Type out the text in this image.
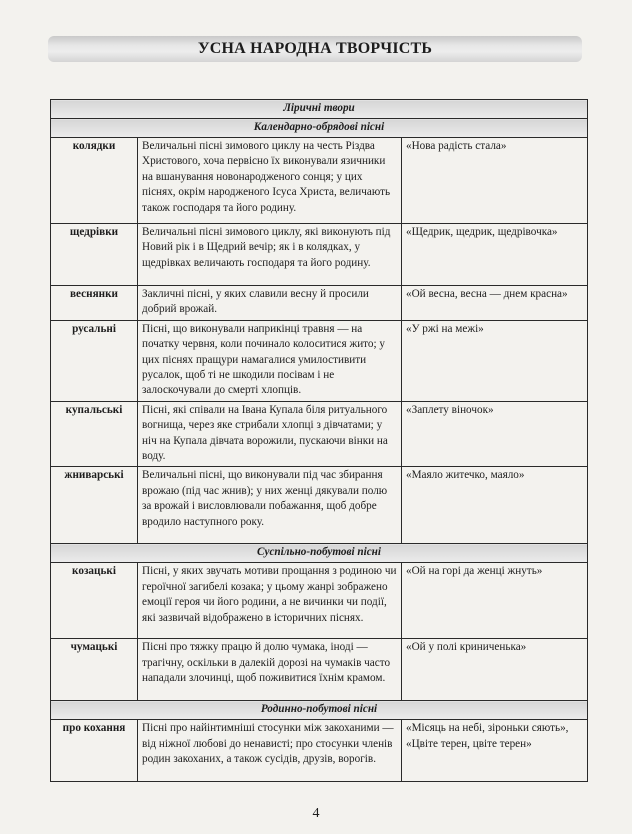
УСНА НАРОДНА ТВОРЧІСТЬ
Ліричні твори		
Календарно-обрядові пісні		
колядки	Величальні пісні зимового циклу на честь Різдва Христового, хоча первісно їх виконували язичники на вшанування новонародженого сонця; у цих піснях, окрім народженого Ісуса Христа, величають також господаря та його родину.	«Нова радість стала»
щедрівки	Величальні пісні зимового циклу, які виконують під Новий рік і в Щедрий вечір; як і в колядках, у щедрівках величають господаря та його родину.	«Щедрик, щедрик, щедрівочка»
веснянки	Закличні пісні, у яких славили весну й просили добрий врожай.	«Ой весна, весна — днем красна»
русальні	Пісні, що виконували наприкінці травня — на початку червня, коли починало колоситися жито; у цих піснях пращури намагалися умилостивити русалок, щоб ті не шкодили посівам і не залоскочували до смерті хлопців.	«У ржі на межі»
купальські	Пісні, які співали на Івана Купала біля ритуального вогнища, через яке стрибали хлопці з дівчатами; у ніч на Купала дівчата ворожили, пускаючи вінки на воду.	«Заплету віночок»
жниварські	Величальні пісні, що виконували під час збирання врожаю (під час жнив); у них женці дякували полю за врожай і висловлювали побажання, щоб добре вродило наступного року.	«Маяло житечко, маяло»
Суспільно-побутові пісні		
козацькі	Пісні, у яких звучать мотиви прощання з родиною чи героїчної загибелі козака; у цьому жанрі зображено емоції героя чи його родини, а не вичинки чи події, які зазвичай відображено в історичних піснях.	«Ой на горі да женці жнуть»
чумацькі	Пісні про тяжку працю й долю чумака, іноді — трагічну, оскільки в далекій дорозі на чумаків часто нападали злочинці, щоб поживитися їхнім крамом.	«Ой у полі криниченька»
Родинно-побутові пісні		
про кохання	Пісні про найінтимніші стосунки між закоханими — від ніжної любові до ненависті; про стосунки членів родин закоханих, а також сусідів, друзів, ворогів.	«Місяць на небі, зіроньки сяють», «Цвіте терен, цвіте терен»
4
